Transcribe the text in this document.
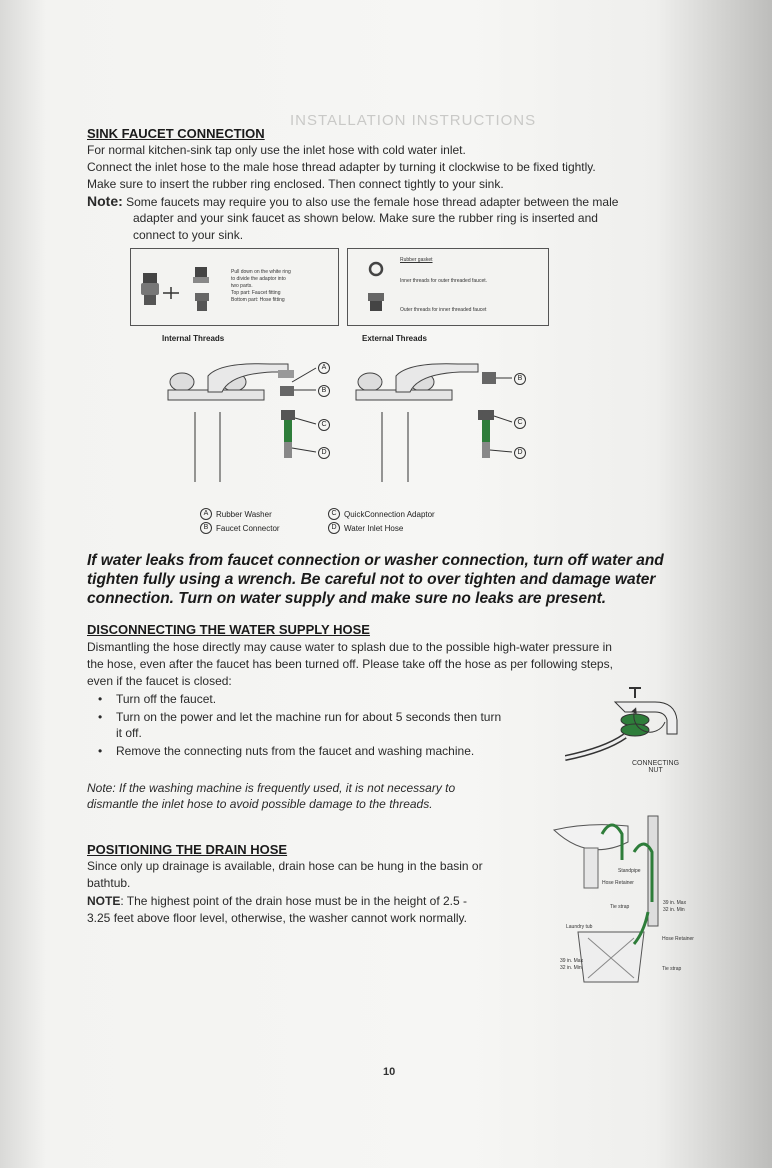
INSTALLATION INSTRUCTIONS
SINK FAUCET CONNECTION
For normal kitchen-sink tap only use the inlet hose with cold water inlet.
Connect the inlet hose to the male hose thread adapter by turning it clockwise to be fixed tightly.
Make sure to insert the rubber ring enclosed. Then connect tightly to your sink.
Note: Some faucets may require you to also use the female hose thread adapter between the male
adapter and your sink faucet as shown below. Make sure the rubber ring is inserted and
connect to your sink.
Pull down on the white ring
to divide the adaptor into
two parts.
Top part: Faucet fitting
Bottom part: Hose fitting
Internal Threads
Rubber gasket
Inner threads for outer threaded faucet.
Outer threads for inner threaded faucet
External Threads
A
B
C
D
B
C
D
A Rubber Washer
B Faucet Connector
C QuickConnection Adaptor
D Water Inlet Hose
If water leaks from faucet connection or washer connection, turn off water and tighten fully using a wrench. Be careful not to over tighten and damage water connection. Turn on water supply and make sure no leaks are present.
DISCONNECTING THE WATER SUPPLY HOSE
Dismantling the hose directly may cause water to splash due to the possible high-water pressure in
the hose, even after the faucet has been turned off. Please take off the hose as per following steps,
even if the faucet is closed:
• Turn off the faucet.
• Turn on the power and let the machine run for about 5 seconds then turn
it off.
• Remove the connecting nuts from the faucet and washing machine.
CONNECTING
NUT
Note: If the washing machine is frequently used, it is not necessary to
dismantle the inlet hose to avoid possible damage to the threads.
POSITIONING THE DRAIN HOSE
Since only up drainage is available, drain hose can be hung in the basin or
bathtub.
NOTE: The highest point of the drain hose must be in the height of 2.5 -
3.25 feet above floor level, otherwise, the washer cannot work normally.
Standpipe
Hose Retainer
Tie strap
39 in. Max
32 in. Min
Laundry tub
Hose Retainer
Tie strap
39 in. Max
32 in. Min
10
